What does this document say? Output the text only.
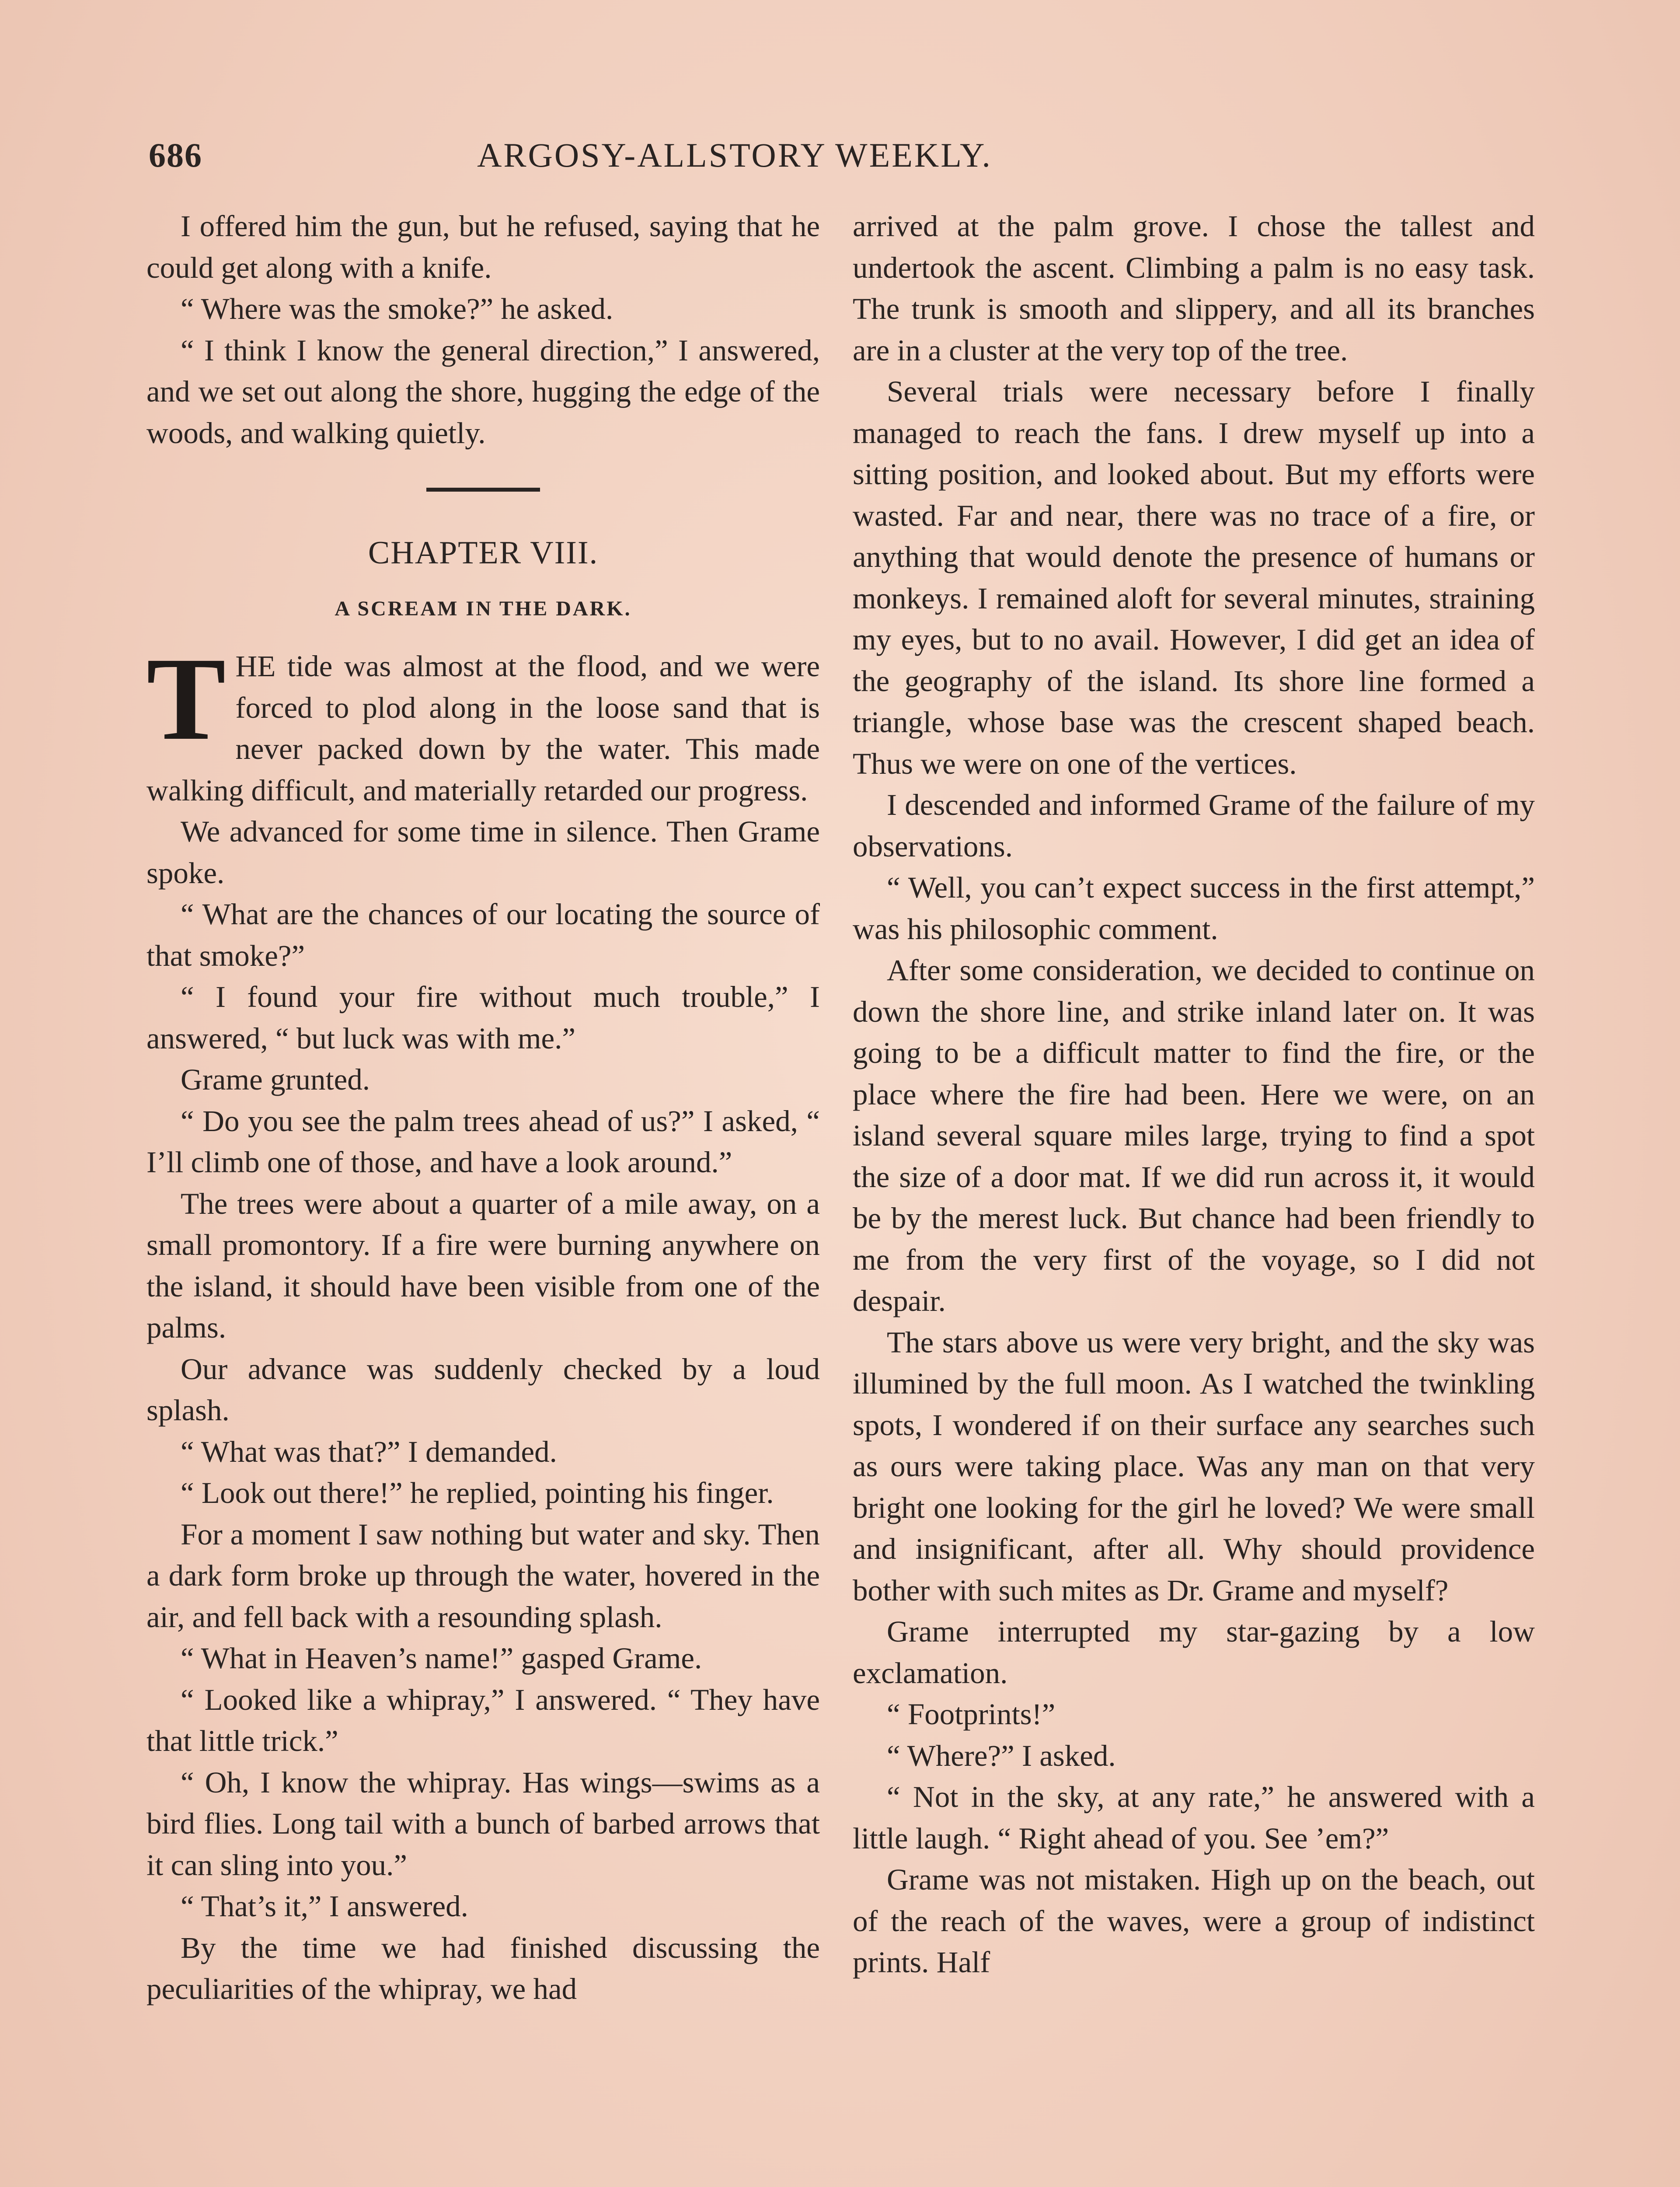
686	ARGOSY-ALLSTORY WEEKLY.

I offered him the gun, but he refused, saying that he could get along with a knife.

“ Where was the smoke?” he asked.

“ I think I know the general direction,” I answered, and we set out along the shore, hugging the edge of the woods, and walking quietly.

CHAPTER VIII.
A SCREAM IN THE DARK.

THE tide was almost at the flood, and we were forced to plod along in the loose sand that is never packed down by the water. This made walking difficult, and materially retarded our progress.

We advanced for some time in silence. Then Grame spoke.

“ What are the chances of our locating the source of that smoke?”

“ I found your fire without much trouble,” I answered, “ but luck was with me.”

Grame grunted.

“ Do you see the palm trees ahead of us?” I asked, “ I’ll climb one of those, and have a look around.”

The trees were about a quarter of a mile away, on a small promontory. If a fire were burning anywhere on the island, it should have been visible from one of the palms.

Our advance was suddenly checked by a loud splash.

“ What was that?” I demanded.

“ Look out there!” he replied, pointing his finger.

For a moment I saw nothing but water and sky. Then a dark form broke up through the water, hovered in the air, and fell back with a resounding splash.

“ What in Heaven’s name!” gasped Grame.

“ Looked like a whipray,” I answered. “ They have that little trick.”

“ Oh, I know the whipray. Has wings—swims as a bird flies. Long tail with a bunch of barbed arrows that it can sling into you.”

“ That’s it,” I answered.

By the time we had finished discussing the peculiarities of the whipray, we had

arrived at the palm grove. I chose the tallest and undertook the ascent. Climbing a palm is no easy task. The trunk is smooth and slippery, and all its branches are in a cluster at the very top of the tree.

Several trials were necessary before I finally managed to reach the fans. I drew myself up into a sitting position, and looked about. But my efforts were wasted. Far and near, there was no trace of a fire, or anything that would denote the presence of humans or monkeys. I remained aloft for several minutes, straining my eyes, but to no avail. However, I did get an idea of the geography of the island. Its shore line formed a triangle, whose base was the crescent shaped beach. Thus we were on one of the vertices.

I descended and informed Grame of the failure of my observations.

“ Well, you can’t expect success in the first attempt,” was his philosophic comment.

After some consideration, we decided to continue on down the shore line, and strike inland later on. It was going to be a difficult matter to find the fire, or the place where the fire had been. Here we were, on an island several square miles large, trying to find a spot the size of a door mat. If we did run across it, it would be by the merest luck. But chance had been friendly to me from the very first of the voyage, so I did not despair.

The stars above us were very bright, and the sky was illumined by the full moon. As I watched the twinkling spots, I wondered if on their surface any searches such as ours were taking place. Was any man on that very bright one looking for the girl he loved? We were small and insignificant, after all. Why should providence bother with such mites as Dr. Grame and myself?

Grame interrupted my star-gazing by a low exclamation.

“ Footprints!”

“ Where?” I asked.

“ Not in the sky, at any rate,” he answered with a little laugh. “ Right ahead of you. See ’em?”

Grame was not mistaken. High up on the beach, out of the reach of the waves, were a group of indistinct prints. Half
